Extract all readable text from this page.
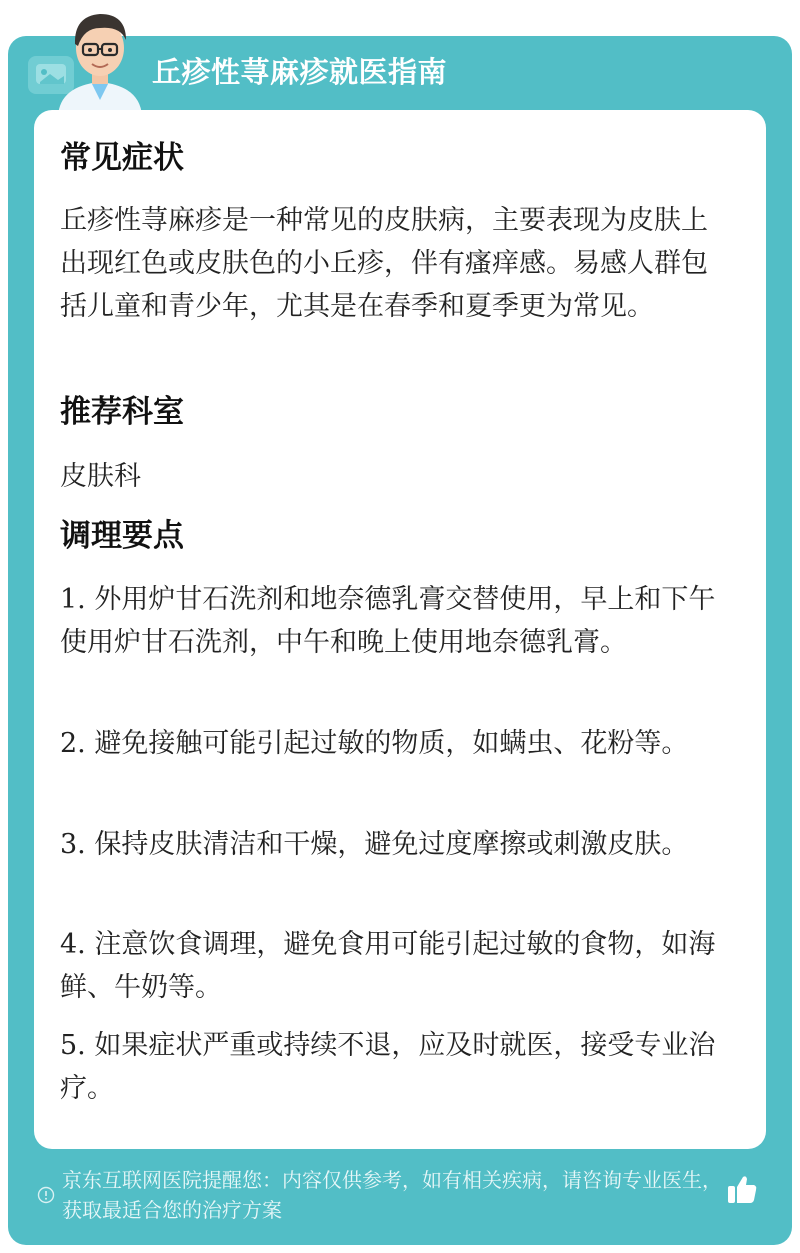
丘疹性荨麻疹就医指南
常见症状
丘疹性荨麻疹是一种常见的皮肤病，主要表现为皮肤上出现红色或皮肤色的小丘疹，伴有瘙痒感。易感人群包括儿童和青少年，尤其是在春季和夏季更为常见。
推荐科室
皮肤科
调理要点
1. 外用炉甘石洗剂和地奈德乳膏交替使用，早上和下午使用炉甘石洗剂，中午和晚上使用地奈德乳膏。
2. 避免接触可能引起过敏的物质，如螨虫、花粉等。
3. 保持皮肤清洁和干燥，避免过度摩擦或刺激皮肤。
4. 注意饮食调理，避免食用可能引起过敏的食物，如海鲜、牛奶等。
5. 如果症状严重或持续不退，应及时就医，接受专业治疗。
京东互联网医院提醒您：内容仅供参考，如有相关疾病，请咨询专业医生，获取最适合您的治疗方案
